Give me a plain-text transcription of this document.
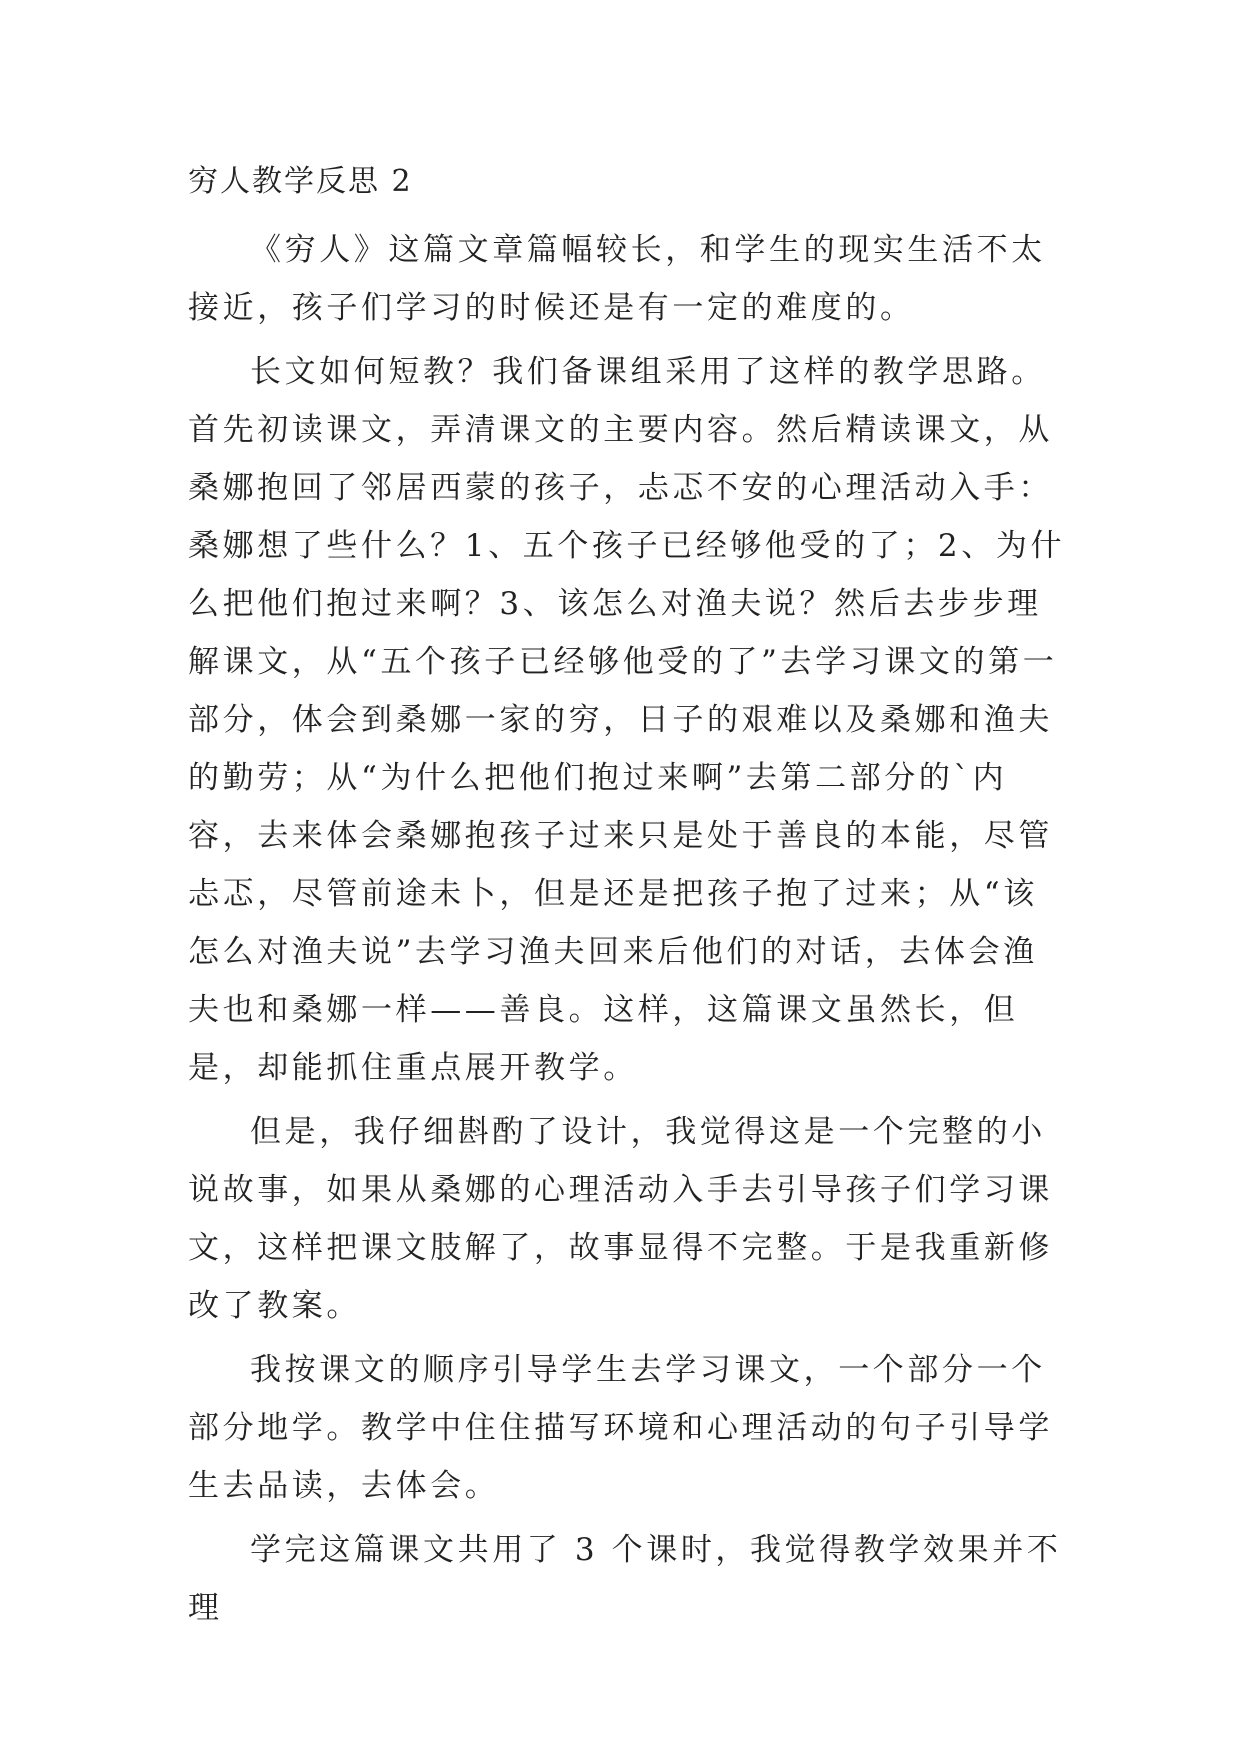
穷人教学反思 2

《穷人》这篇文章篇幅较长，和学生的现实生活不太接近，孩子们学习的时候还是有一定的难度的。

长文如何短教？我们备课组采用了这样的教学思路。首先初读课文，弄清课文的主要内容。然后精读课文，从桑娜抱回了邻居西蒙的孩子，忐忑不安的心理活动入手：桑娜想了些什么？1、五个孩子已经够他受的了；2、为什么把他们抱过来啊？3、该怎么对渔夫说？然后去步步理解课文，从“五个孩子已经够他受的了”去学习课文的第一部分，体会到桑娜一家的穷，日子的艰难以及桑娜和渔夫的勤劳；从“为什么把他们抱过来啊”去第二部分的`内容，去来体会桑娜抱孩子过来只是处于善良的本能，尽管忐忑，尽管前途未卜，但是还是把孩子抱了过来；从“该怎么对渔夫说”去学习渔夫回来后他们的对话，去体会渔夫也和桑娜一样——善良。这样，这篇课文虽然长，但是，却能抓住重点展开教学。

但是，我仔细斟酌了设计，我觉得这是一个完整的小说故事，如果从桑娜的心理活动入手去引导孩子们学习课文，这样把课文肢解了，故事显得不完整。于是我重新修改了教案。

我按课文的顺序引导学生去学习课文，一个部分一个部分地学。教学中住住描写环境和心理活动的句子引导学生去品读，去体会。

学完这篇课文共用了 3 个课时，我觉得教学效果并不理
